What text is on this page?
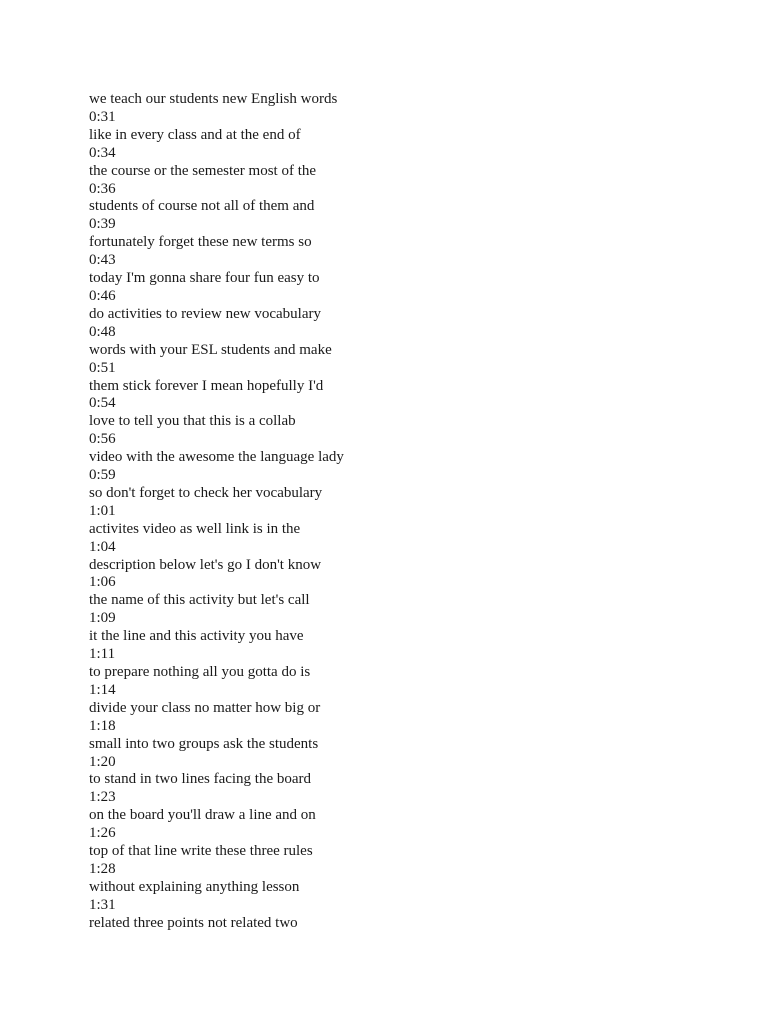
we teach our students new English words
0:31
like in every class and at the end of
0:34
the course or the semester most of the
0:36
students of course not all of them and
0:39
fortunately forget these new terms so
0:43
today I'm gonna share four fun easy to
0:46
do activities to review new vocabulary
0:48
words with your ESL students and make
0:51
them stick forever I mean hopefully I'd
0:54
love to tell you that this is a collab
0:56
video with the awesome the language lady
0:59
so don't forget to check her vocabulary
1:01
activites video as well link is in the
1:04
description below let's go I don't know
1:06
the name of this activity but let's call
1:09
it the line and this activity you have
1:11
to prepare nothing all you gotta do is
1:14
divide your class no matter how big or
1:18
small into two groups ask the students
1:20
to stand in two lines facing the board
1:23
on the board you'll draw a line and on
1:26
top of that line write these three rules
1:28
without explaining anything lesson
1:31
related three points not related two
